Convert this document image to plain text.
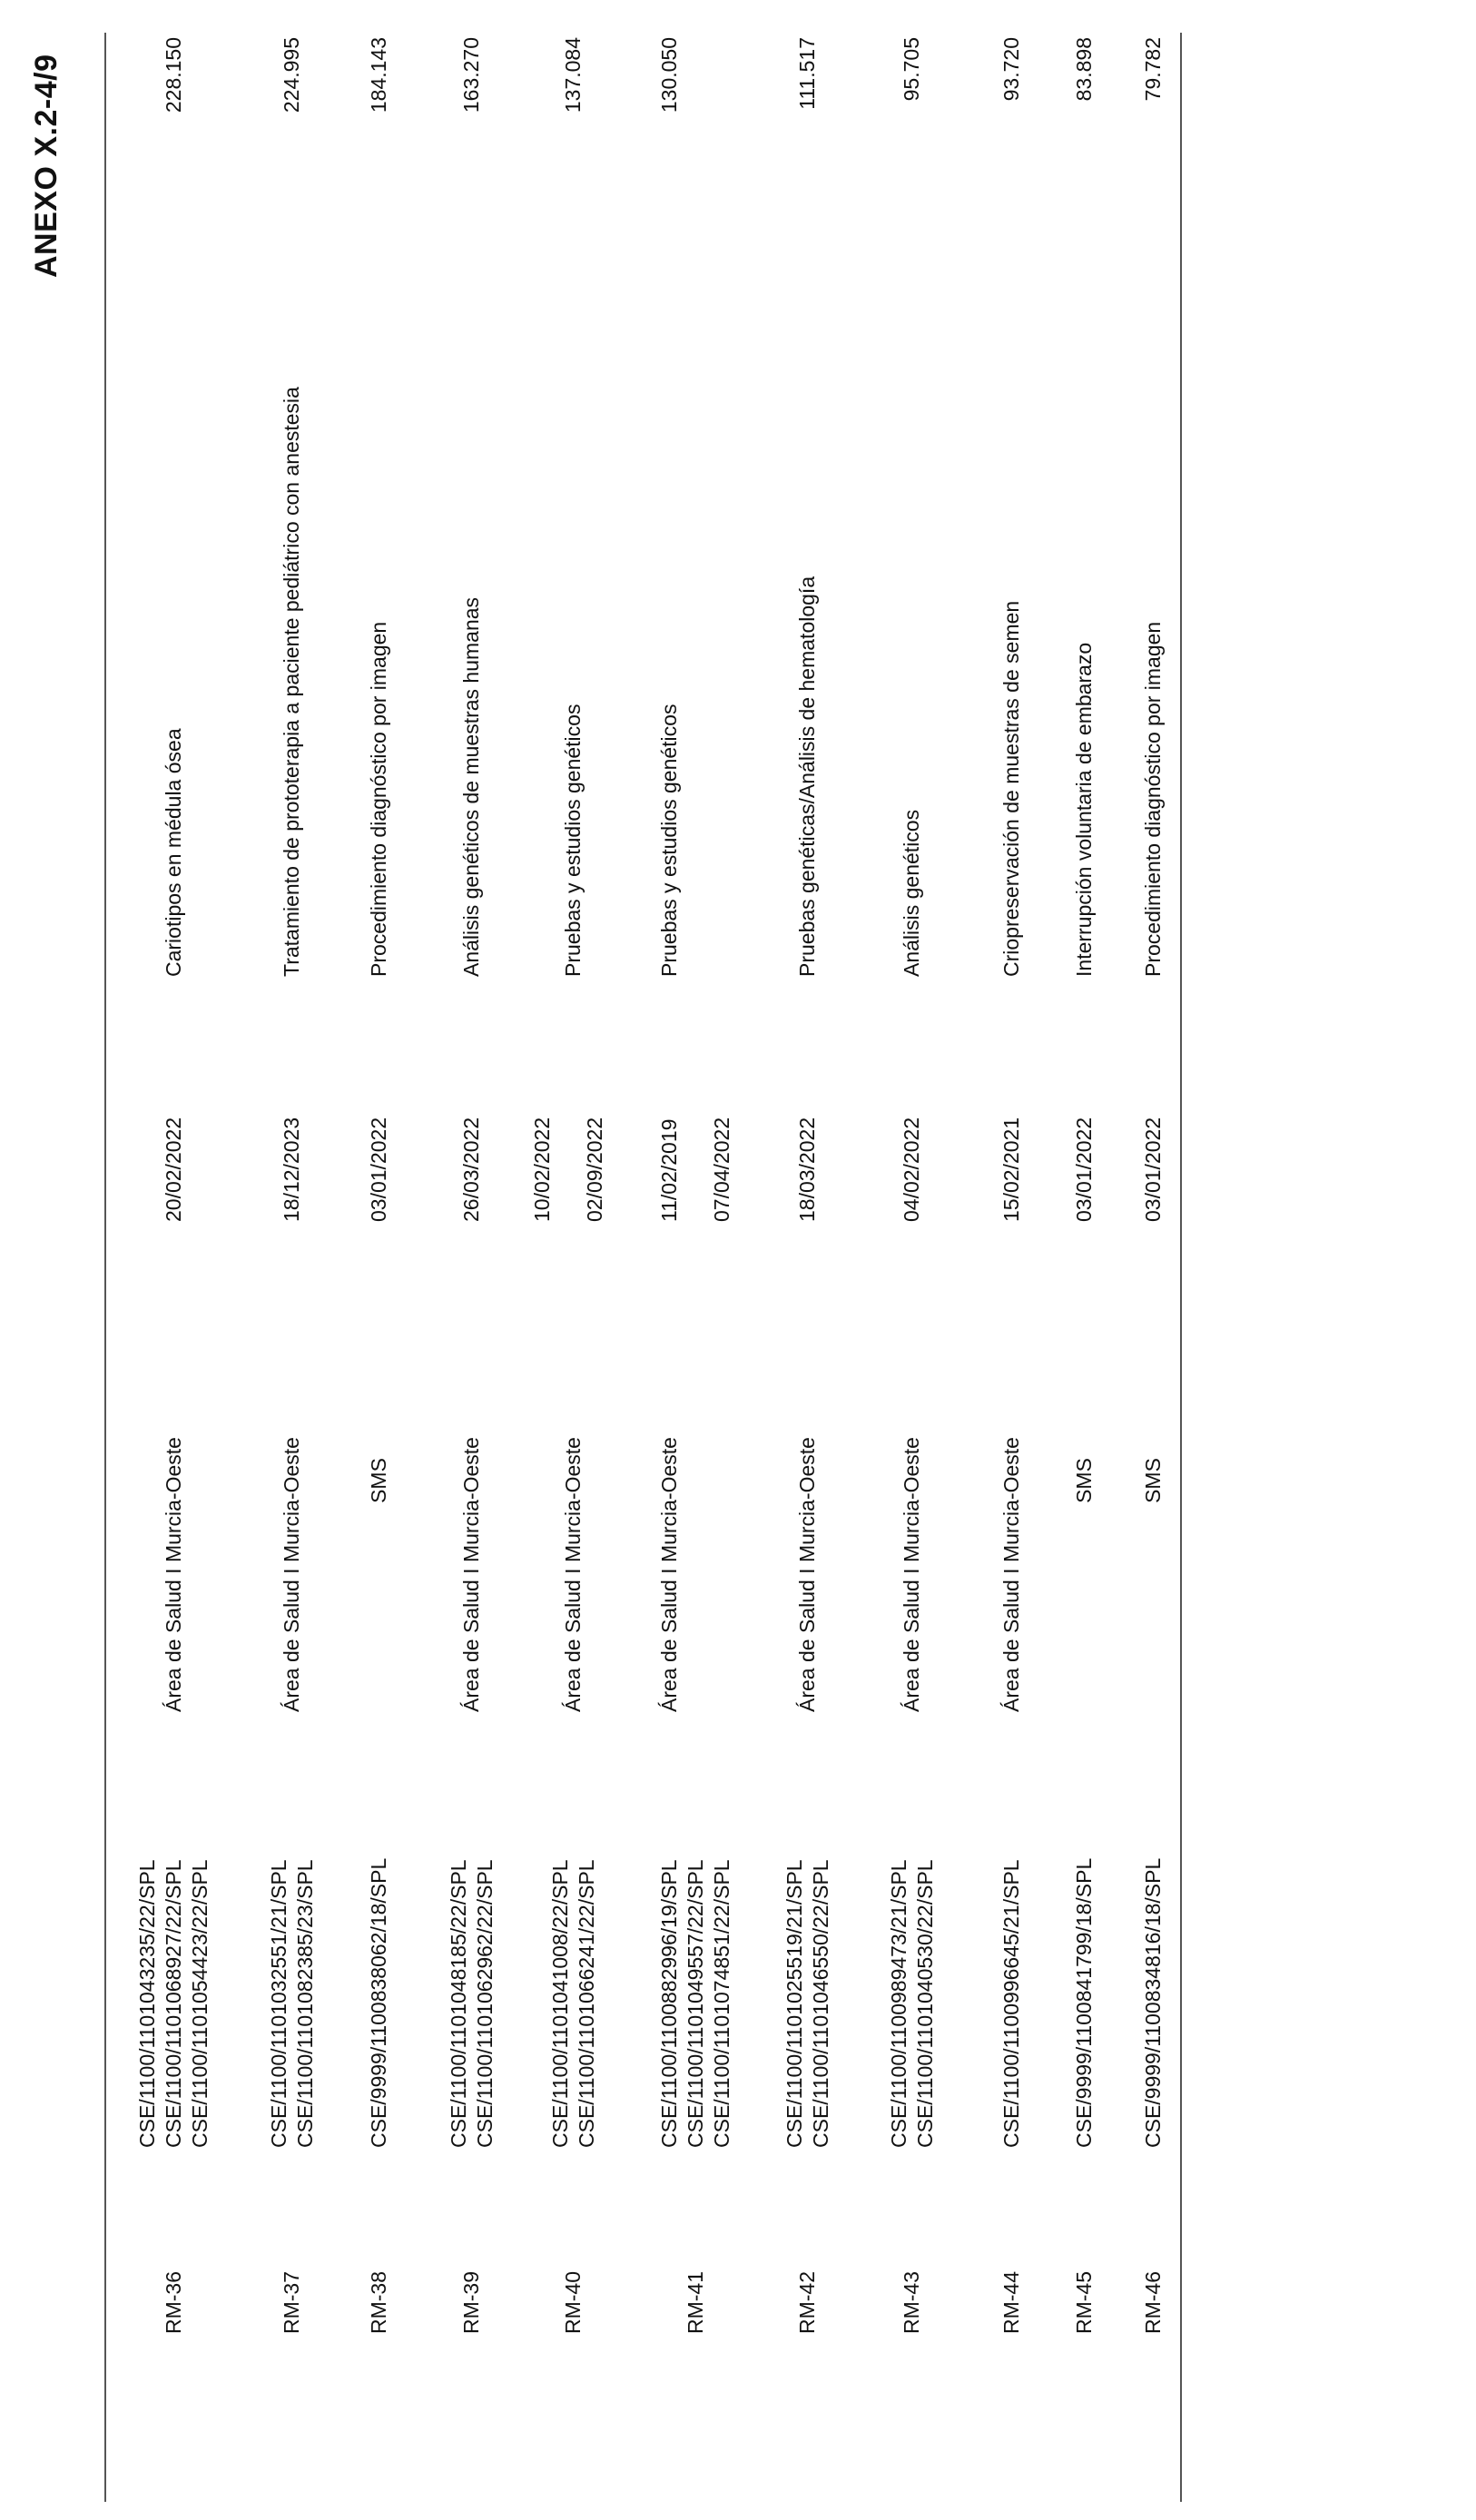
ANEXO X.2-4/9
RM-36
CSE/1100/1101043235/22/SPL CSE/1100/1101068927/22/SPL CSE/1100/1101054423/22/SPL
Área de Salud I Murcia-Oeste
20/02/2022
Cariotipos en médula ósea
228.150
RM-37
CSE/1100/1101032551/21/SPL CSE/1100/1101082385/23/SPL
Área de Salud I Murcia-Oeste
18/12/2023
Tratamiento de prototerapia a paciente pediátrico con anestesia
224.995
RM-38
CSE/9999/1100838062/18/SPL
SMS
03/01/2022
Procedimiento diagnóstico por imagen
184.143
RM-39
CSE/1100/1101048185/22/SPL CSE/1100/1101062962/22/SPL
Área de Salud I Murcia-Oeste
26/03/2022
Análisis genéticos de muestras humanas
163.270
RM-40
CSE/1100/1101041008/22/SPL CSE/1100/1101066241/22/SPL
Área de Salud I Murcia-Oeste
10/02/2022 02/09/2022
Pruebas y estudios genéticos
137.084
RM-41
CSE/1100/1100882996/19/SPL CSE/1100/1101049557/22/SPL CSE/1100/1101074851/22/SPL
Área de Salud I Murcia-Oeste
11/02/2019 07/04/2022
Pruebas y estudios genéticos
130.050
RM-42
CSE/1100/1101025519/21/SPL CSE/1100/1101046550/22/SPL
Área de Salud I Murcia-Oeste
18/03/2022
Pruebas genéticas/Análisis de hematología
111.517
RM-43
CSE/1100/1100989473/21/SPL CSE/1100/1101040530/22/SPL
Área de Salud I Murcia-Oeste
04/02/2022
Análisis genéticos
95.705
RM-44
CSE/1100/1100996645/21/SPL
Área de Salud I Murcia-Oeste
15/02/2021
Criopreservación de muestras de semen
93.720
RM-45
CSE/9999/1100841799/18/SPL
SMS
03/01/2022
Interrupción voluntaria de embarazo
83.898
RM-46
CSE/9999/1100834816/18/SPL
SMS
03/01/2022
Procedimiento diagnóstico por imagen
79.782
